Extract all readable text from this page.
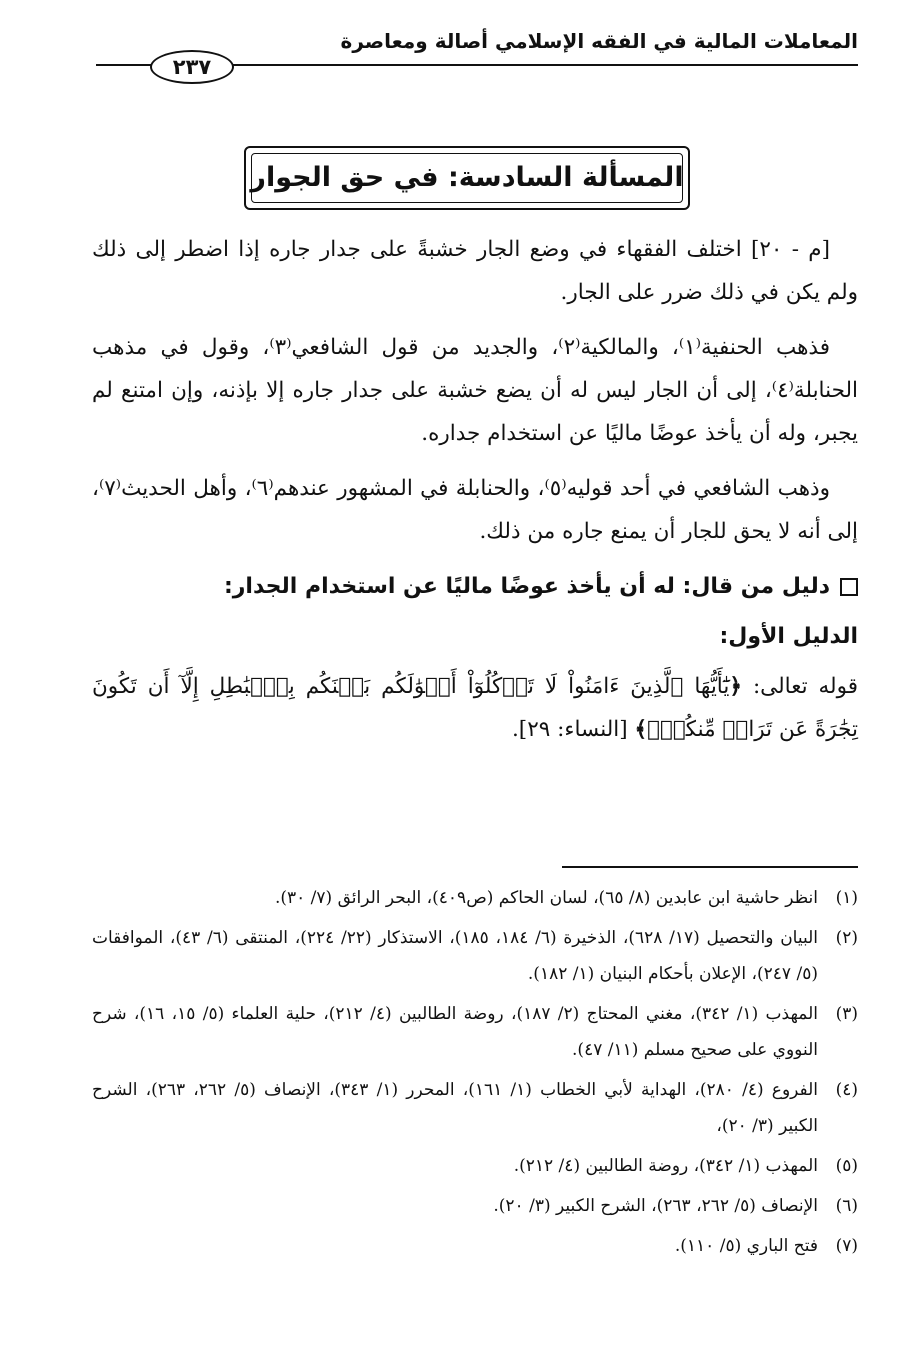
المعاملات المالية في الفقه الإسلامي أصالة ومعاصرة
٢٣٧
المسألة السادسة: في حق الجوار

[م - ٢٠] اختلف الفقهاء في وضع الجار خشبةً على جدار جاره إذا اضطر إلى ذلك ولم يكن في ذلك ضرر على الجار.

فذهب الحنفية⁽١⁾، والمالكية⁽٢⁾، والجديد من قول الشافعي⁽٣⁾، وقول في مذهب الحنابلة⁽٤⁾، إلى أن الجار ليس له أن يضع خشبة على جدار جاره إلا بإذنه، وإن امتنع لم يجبر، وله أن يأخذ عوضًا ماليًا عن استخدام جداره.

وذهب الشافعي في أحد قوليه⁽٥⁾، والحنابلة في المشهور عندهم⁽٦⁾، وأهل الحديث⁽٧⁾، إلى أنه لا يحق للجار أن يمنع جاره من ذلك.

دليل من قال: له أن يأخذ عوضًا ماليًا عن استخدام الجدار:
الدليل الأول:

قوله تعالى: ﴿يَٰٓأَيُّهَا ٱلَّذِينَ ءَامَنُواْ لَا تَأۡكُلُوٓاْ أَمۡوَٰلَكُم بَيۡنَكُم بِٱلۡبَٰطِلِ إِلَّآ أَن تَكُونَ تِجَٰرَةً عَن تَرَاضٖ مِّنكُمۡۚ﴾ [النساء: ٢٩].

(١)
انظر حاشية ابن عابدين (٨/ ٦٥)، لسان الحاكم (ص٤٠٩)، البحر الرائق (٧/ ٣٠).
(٢)
البيان والتحصيل (١٧/ ٦٢٨)، الذخيرة (٦/ ١٨٤، ١٨٥)، الاستذكار (٢٢/ ٢٢٤)، المنتقى (٦/ ٤٣)، الموافقات (٥/ ٢٤٧)، الإعلان بأحكام البنيان (١/ ١٨٢).
(٣)
المهذب (١/ ٣٤٢)، مغني المحتاج (٢/ ١٨٧)، روضة الطالبين (٤/ ٢١٢)، حلية العلماء (٥/ ١٥، ١٦)، شرح النووي على صحيح مسلم (١١/ ٤٧).
(٤)
الفروع (٤/ ٢٨٠)، الهداية لأبي الخطاب (١/ ١٦١)، المحرر (١/ ٣٤٣)، الإنصاف (٥/ ٢٦٢، ٢٦٣)، الشرح الكبير (٣/ ٢٠)،
(٥)
المهذب (١/ ٣٤٢)، روضة الطالبين (٤/ ٢١٢).
(٦)
الإنصاف (٥/ ٢٦٢، ٢٦٣)، الشرح الكبير (٣/ ٢٠).
(٧)
فتح الباري (٥/ ١١٠).
